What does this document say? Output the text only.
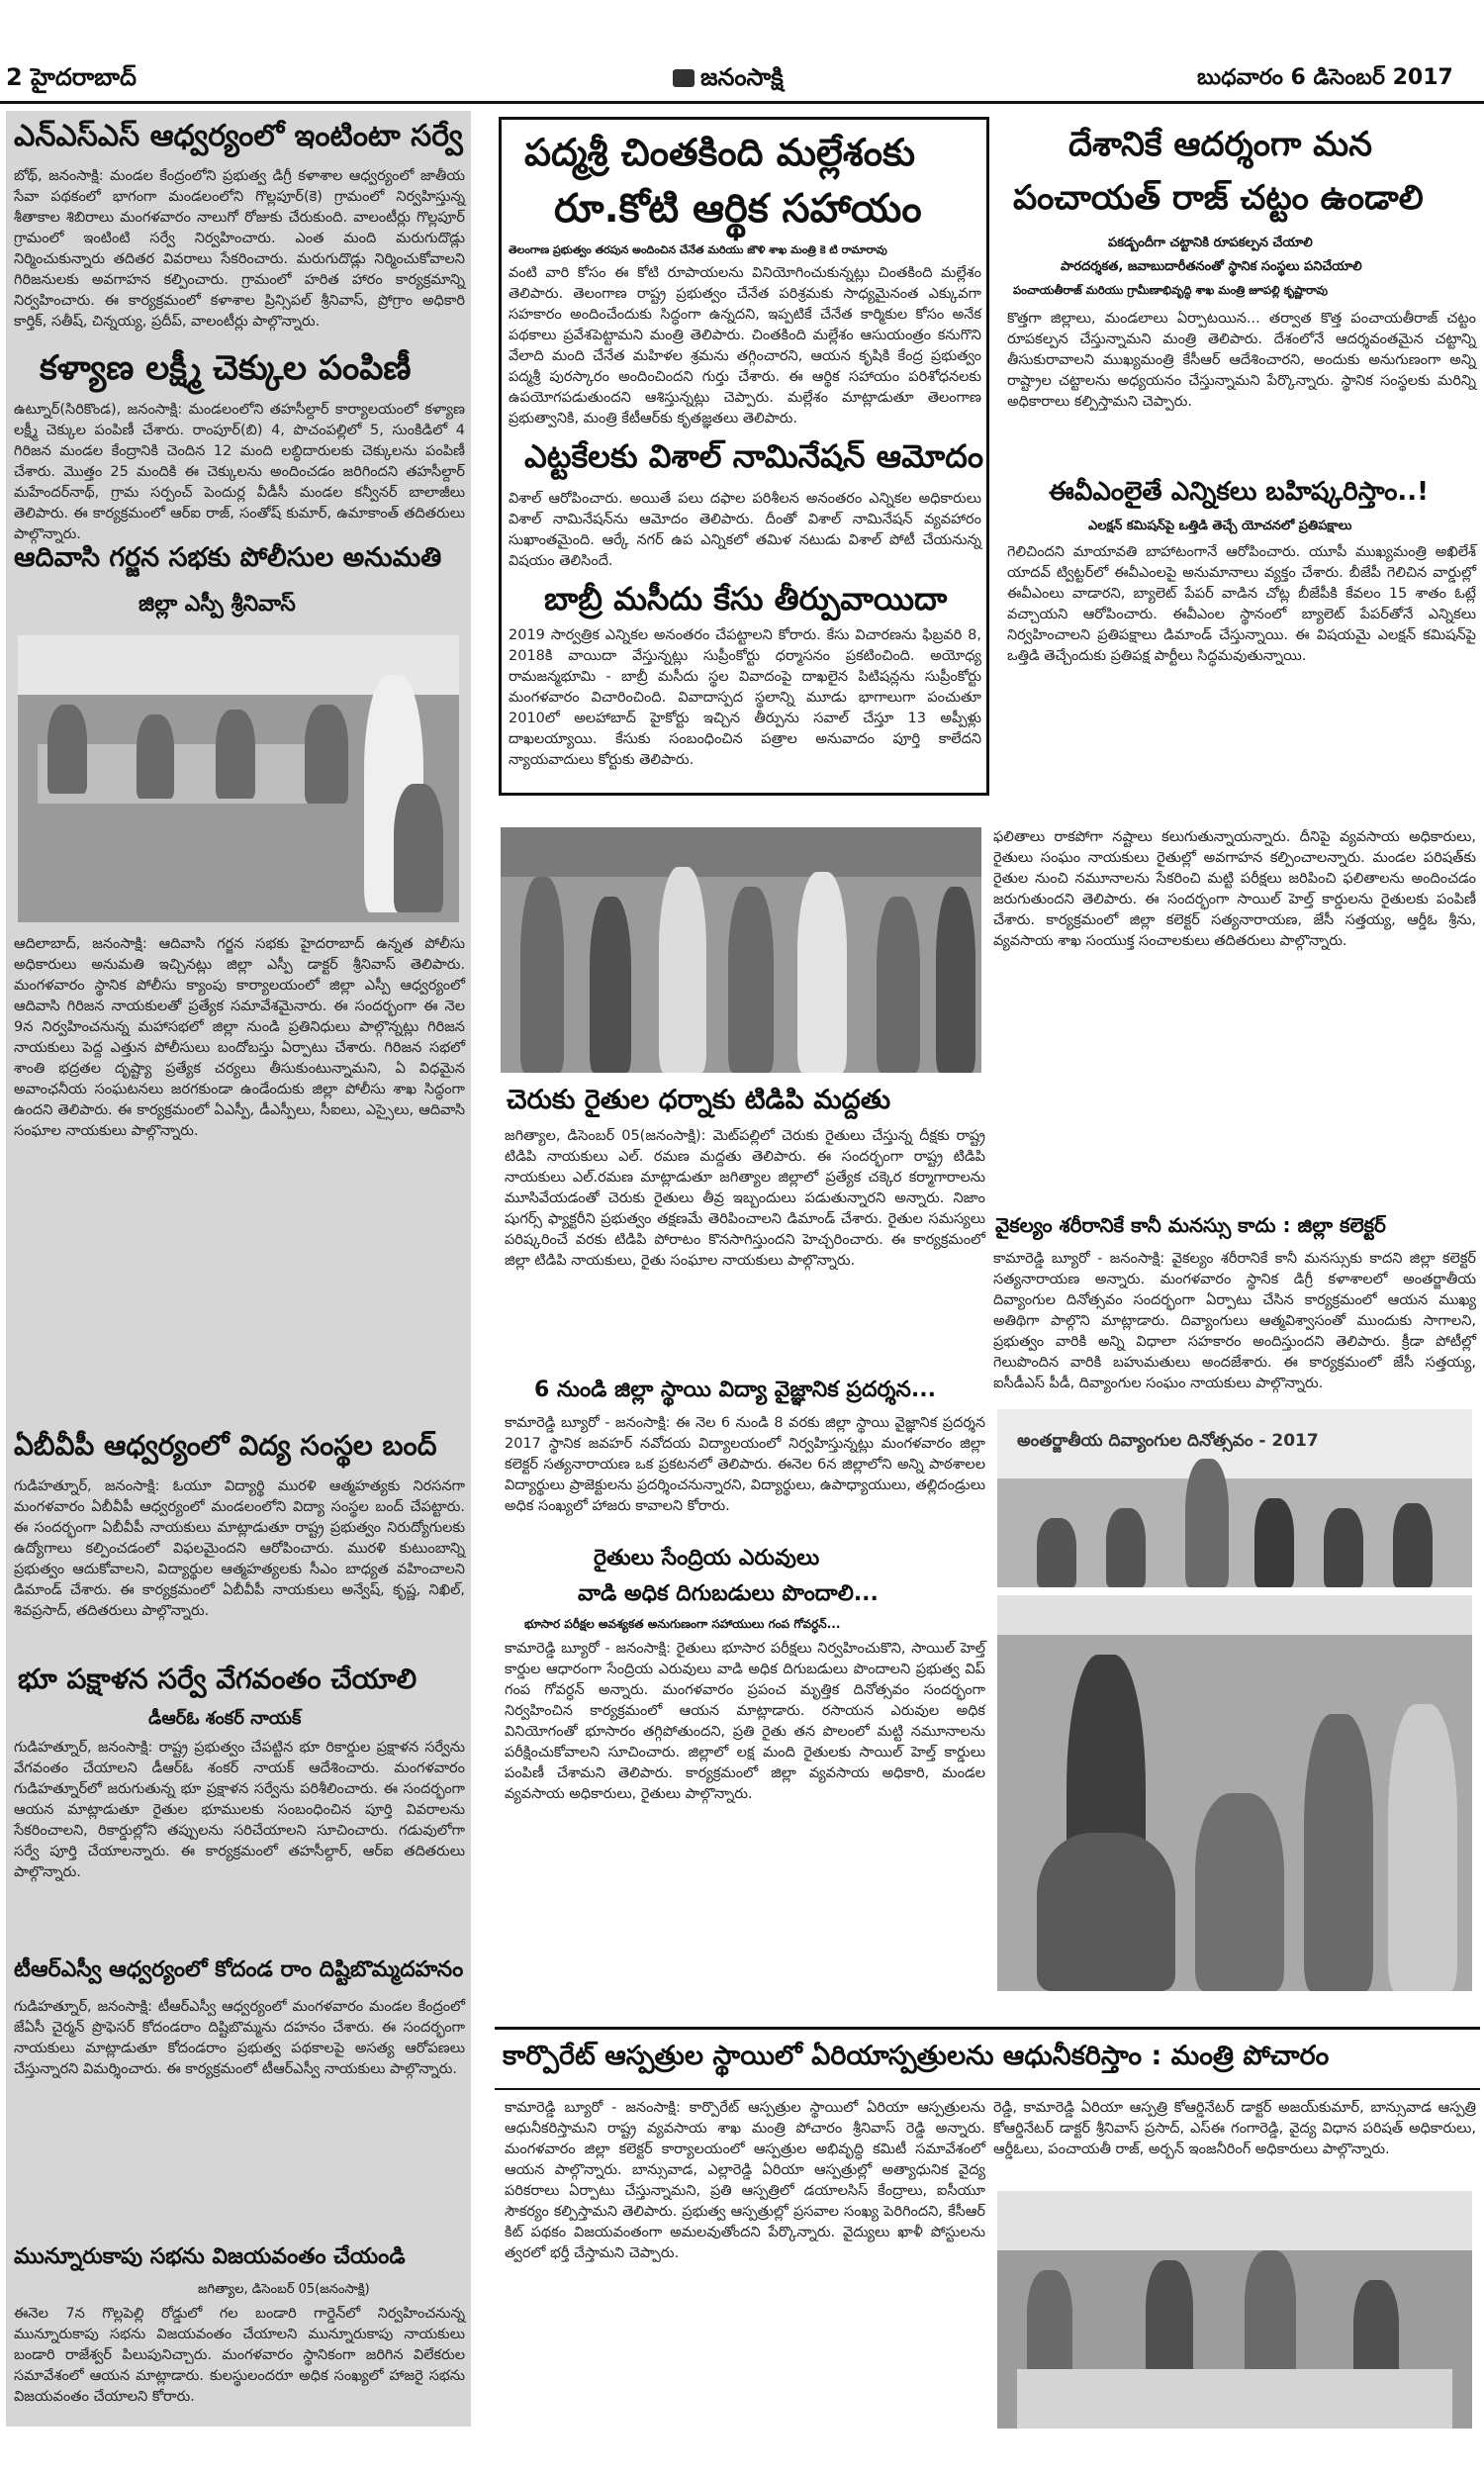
2 హైదరాబాద్	జనంసాక్షి	బుధవారం 6 డిసెంబర్ 2017
ఎన్‌ఎస్‌ఎస్ ఆధ్వర్యంలో ఇంటింటా సర్వే
బోథ్, జనంసాక్షి: మండల కేంద్రంలోని ప్రభుత్వ డిగ్రీ కళాశాల ఆధ్వర్యంలో జాతీయ సేవా పథకంలో భాగంగా మండలంలోని గొల్లపూర్(కె) గ్రామంలో నిర్వహిస్తున్న శీతాకాల శిబిరాలు మంగళవారం నాలుగో రోజుకు చేరుకుంది. వాలంటీర్లు గొల్లపూర్ గ్రామంలో ఇంటింటి సర్వే నిర్వహించారు. ఎంత మంది మరుగుదొడ్లు నిర్మించుకున్నారు తదితర వివరాలు సేకరించారు. మరుగుదొడ్లు నిర్మించుకోవాలని గిరిజనులకు అవగాహన కల్పించారు. గ్రామంలో హరిత హారం కార్యక్రమాన్ని నిర్వహించారు. ఈ కార్యక్రమంలో కళాశాల ప్రిన్సిపల్ శ్రీనివాస్, ప్రోగ్రాం అధికారి కార్తిక్, సతీష్, చిన్నయ్య, ప్రదీప్, వాలంటీర్లు పాల్గొన్నారు.
కళ్యాణ లక్ష్మీ చెక్కుల పంపిణీ
ఉట్నూర్(సిరికొండ), జనంసాక్షి: మండలంలోని తహసీల్దార్ కార్యాలయంలో కళ్యాణ లక్ష్మీ చెక్కుల పంపిణీ చేశారు. రాంపూర్(బి) 4, పొచంపల్లిలో 5, సుంకిడిలో 4 గిరిజన మండల కేంద్రానికి చెందిన 12 మంది లబ్ధిదారులకు చెక్కులను పంపిణీ చేశారు. మొత్తం 25 మందికి ఈ చెక్కులను అందించడం జరిగిందని తహసీల్దార్ మహేందర్‌నాథ్, గ్రామ సర్పంచ్ పెందుర్ల వీడీసీ మండల కన్వీనర్ బాలాజీలు తెలిపారు. ఈ కార్యక్రమంలో ఆర్ఐ రాజ్, సంతోష్ కుమార్, ఉమాకాంత్ తదితరులు పాల్గొన్నారు.
ఆదివాసి గర్జన సభకు పోలీసుల అనుమతి
జిల్లా ఎస్పీ శ్రీనివాస్
ఆదిలాబాద్, జనంసాక్షి: ఆదివాసి గర్జన సభకు హైదరాబాద్ ఉన్నత పోలీసు అధికారులు అనుమతి ఇచ్చినట్లు జిల్లా ఎస్పీ డాక్టర్ శ్రీనివాస్ తెలిపారు. మంగళవారం స్థానిక పోలీసు క్యాంపు కార్యాలయంలో జిల్లా ఎస్పీ ఆధ్వర్యంలో ఆదివాసి గిరిజన నాయకులతో ప్రత్యేక సమావేశమైనారు. ఈ సందర్భంగా ఈ నెల 9న నిర్వహించనున్న మహాసభలో జిల్లా నుండి ప్రతినిధులు పాల్గొన్నట్లు గిరిజన నాయకులు పెద్ద ఎత్తున పోలీసులు బందోబస్తు ఏర్పాటు చేశారు. గిరిజన సభలో శాంతి భద్రతల దృష్ట్యా ప్రత్యేక చర్యలు తీసుకుంటున్నామని, ఏ విధమైన అవాంఛనీయ సంఘటనలు జరగకుండా ఉండేందుకు జిల్లా పోలీసు శాఖ సిద్ధంగా ఉందని తెలిపారు. ఈ కార్యక్రమంలో ఏఎస్పీ, డీఎస్పీలు, సీఐలు, ఎస్సైలు, ఆదివాసి సంఘాల నాయకులు పాల్గొన్నారు.
ఏబీవీపీ ఆధ్వర్యంలో విద్య సంస్థల బంద్
గుడిహత్నూర్, జనంసాక్షి: ఓయూ విద్యార్థి మురళి ఆత్మహత్యకు నిరసనగా మంగళవారం ఏబీవీపీ ఆధ్వర్యంలో మండలంలోని విద్యా సంస్థల బంద్ చేపట్టారు. ఈ సందర్భంగా ఏబీవీపీ నాయకులు మాట్లాడుతూ రాష్ట్ర ప్రభుత్వం నిరుద్యోగులకు ఉద్యోగాలు కల్పించడంలో విఫలమైందని ఆరోపించారు. మురళి కుటుంబాన్ని ప్రభుత్వం ఆదుకోవాలని, విద్యార్థుల ఆత్మహత్యలకు సీఎం బాధ్యత వహించాలని డిమాండ్ చేశారు. ఈ కార్యక్రమంలో ఏబీవీపీ నాయకులు అన్వేష్, కృష్ణ, నిఖిల్, శివప్రసాద్, తదితరులు పాల్గొన్నారు.
భూ పక్షాళన సర్వే వేగవంతం చేయాలి
డీఆర్ఓ శంకర్ నాయక్
గుడిహత్నూర్, జనంసాక్షి: రాష్ట్ర ప్రభుత్వం చేపట్టిన భూ రికార్డుల ప్రక్షాళన సర్వేను వేగవంతం చేయాలని డీఆర్ఓ శంకర్ నాయక్ ఆదేశించారు. మంగళవారం గుడిహత్నూర్‌లో జరుగుతున్న భూ ప్రక్షాళన సర్వేను పరిశీలించారు. ఈ సందర్భంగా ఆయన మాట్లాడుతూ రైతుల భూములకు సంబంధించిన పూర్తి వివరాలను సేకరించాలని, రికార్డుల్లోని తప్పులను సరిచేయాలని సూచించారు. గడువులోగా సర్వే పూర్తి చేయాలన్నారు. ఈ కార్యక్రమంలో తహసీల్దార్, ఆర్ఐ తదితరులు పాల్గొన్నారు.
టీఆర్ఎస్వీ ఆధ్వర్యంలో కోదండ రాం దిష్టిబొమ్మదహనం
గుడిహత్నూర్, జనంసాక్షి: టీఆర్ఎస్వీ ఆధ్వర్యంలో మంగళవారం మండల కేంద్రంలో జేఏసీ చైర్మన్ ప్రొఫెసర్ కోదండరాం దిష్టిబొమ్మను దహనం చేశారు. ఈ సందర్భంగా నాయకులు మాట్లాడుతూ కోదండరాం ప్రభుత్వ పథకాలపై అసత్య ఆరోపణలు చేస్తున్నారని విమర్శించారు. ఈ కార్యక్రమంలో టీఆర్ఎస్వీ నాయకులు పాల్గొన్నారు.
మున్నూరుకాపు సభను విజయవంతం చేయండి
జగిత్యాల, డిసెంబర్ 05(జనంసాక్షి)
ఈనెల 7న గొల్లపెల్లి రోడ్డులో గల బండారి గార్డెన్‌లో నిర్వహించనున్న మున్నూరుకాపు సభను విజయవంతం చేయాలని మున్నూరుకాపు నాయకులు బండారి రాజేశ్వర్ పిలుపునిచ్చారు. మంగళవారం స్థానికంగా జరిగిన విలేకరుల సమావేశంలో ఆయన మాట్లాడారు. కులస్థులందరూ అధిక సంఖ్యలో హాజరై సభను విజయవంతం చేయాలని కోరారు.
పద్మశ్రీ చింతకింది మల్లేశంకు
రూ.కోటి ఆర్థిక సహాయం
తెలంగాణ ప్రభుత్వం తరపున అందించిన చేనేత మరియు జౌళి శాఖ మంత్రి కె టి రామారావు
వంటి వారి కోసం ఈ కోటి రూపాయలను వినియోగించుకున్నట్లు చింతకింది మల్లేశం తెలిపారు. తెలంగాణ రాష్ట్ర ప్రభుత్వం చేనేత పరిశ్రమకు సాధ్యమైనంత ఎక్కువగా సహకారం అందించేందుకు సిద్ధంగా ఉన్నదని, ఇప్పటికే చేనేత కార్మికుల కోసం అనేక పథకాలు ప్రవేశపెట్టామని మంత్రి తెలిపారు. చింతకింది మల్లేశం ఆసుయంత్రం కనుగొని వేలాది మంది చేనేత మహిళల శ్రమను తగ్గించారని, ఆయన కృషికి కేంద్ర ప్రభుత్వం పద్మశ్రీ పురస్కారం అందించిందని గుర్తు చేశారు. ఈ ఆర్థిక సహాయం పరిశోధనలకు ఉపయోగపడుతుందని ఆశిస్తున్నట్లు చెప్పారు. మల్లేశం మాట్లాడుతూ తెలంగాణ ప్రభుత్వానికి, మంత్రి కేటీఆర్‌కు కృతజ్ఞతలు తెలిపారు.
ఎట్టకేలకు విశాల్ నామినేషన్ ఆమోదం
విశాల్ ఆరోపించారు. అయితే పలు దఫాల పరిశీలన అనంతరం ఎన్నికల అధికారులు విశాల్ నామినేషన్‌ను ఆమోదం తెలిపారు. దీంతో విశాల్ నామినేషన్ వ్యవహారం సుఖాంతమైంది. ఆర్కే నగర్ ఉప ఎన్నికలో తమిళ నటుడు విశాల్ పోటీ చేయనున్న విషయం తెలిసిందే.
బాబ్రీ మసీదు కేసు తీర్పువాయిదా
2019 సార్వత్రిక ఎన్నికల అనంతరం చేపట్టాలని కోరారు. కేసు విచారణను ఫిబ్రవరి 8, 2018కి వాయిదా వేస్తున్నట్లు సుప్రీంకోర్టు ధర్మాసనం ప్రకటించింది. అయోధ్య రామజన్మభూమి - బాబ్రీ మసీదు స్థల వివాదంపై దాఖలైన పిటిషన్లను సుప్రీంకోర్టు మంగళవారం విచారించింది. వివాదాస్పద స్థలాన్ని మూడు భాగాలుగా పంచుతూ 2010లో అలహాబాద్ హైకోర్టు ఇచ్చిన తీర్పును సవాల్ చేస్తూ 13 అప్పీళ్లు దాఖలయ్యాయి. కేసుకు సంబంధించిన పత్రాల అనువాదం పూర్తి కాలేదని న్యాయవాదులు కోర్టుకు తెలిపారు.
దేశానికే ఆదర్శంగా మన
పంచాయత్ రాజ్ చట్టం ఉండాలి
పకడ్బందీగా చట్టానికి రూపకల్పన చేయాలి
పారదర్శకత, జవాబుదారీతనంతో స్థానిక సంస్థలు పనిచేయాలి
పంచాయతీరాజ్ మరియు గ్రామీణాభివృద్ధి శాఖ మంత్రి జూపల్లి కృష్ణారావు
కొత్తగా జిల్లాలు, మండలాలు ఏర్పాటయిన... తర్వాత కొత్త పంచాయతీరాజ్ చట్టం రూపకల్పన చేస్తున్నామని మంత్రి తెలిపారు. దేశంలోనే ఆదర్శవంతమైన చట్టాన్ని తీసుకురావాలని ముఖ్యమంత్రి కేసీఆర్ ఆదేశించారని, అందుకు అనుగుణంగా అన్ని రాష్ట్రాల చట్టాలను అధ్యయనం చేస్తున్నామని పేర్కొన్నారు. స్థానిక సంస్థలకు మరిన్ని అధికారాలు కల్పిస్తామని చెప్పారు.
ఈవీఎంలైతే ఎన్నికలు బహిష్కరిస్తాం..!
ఎలక్షన్ కమిషన్‌పై ఒత్తిడి తెచ్చే యోచనలో ప్రతిపక్షాలు
గెలిచిందని మాయావతి బాహాటంగానే ఆరోపించారు. యూపీ ముఖ్యమంత్రి అఖిలేశ్ యాదవ్ ట్విట్టర్‌లో ఈవీఎంలపై అనుమానాలు వ్యక్తం చేశారు. బీజేపీ గెలిచిన వార్డుల్లో ఈవీఎంలు వాడారని, బ్యాలెట్ పేపర్ వాడిన చోట్ల బీజేపీకి కేవలం 15 శాతం ఓట్లే వచ్చాయని ఆరోపించారు. ఈవీఎంల స్థానంలో బ్యాలెట్ పేపర్‌తోనే ఎన్నికలు నిర్వహించాలని ప్రతిపక్షాలు డిమాండ్ చేస్తున్నాయి. ఈ విషయమై ఎలక్షన్ కమిషన్‌పై ఒత్తిడి తెచ్చేందుకు ప్రతిపక్ష పార్టీలు సిద్ధమవుతున్నాయి.
చెరుకు రైతుల ధర్నాకు టిడిపి మద్దతు
జగిత్యాల, డిసెంబర్ 05(జనంసాక్షి): మెట్‌పల్లిలో చెరుకు రైతులు చేస్తున్న దీక్షకు రాష్ట్ర టిడిపి నాయకులు ఎల్. రమణ మద్దతు తెలిపారు. ఈ సందర్భంగా రాష్ట్ర టిడిపి నాయకులు ఎల్.రమణ మాట్లాడుతూ జగిత్యాల జిల్లాలో ప్రత్యేక చక్కెర కర్మాగారాలను మూసివేయడంతో చెరుకు రైతులు తీవ్ర ఇబ్బందులు పడుతున్నారని అన్నారు. నిజాం షుగర్స్ ఫ్యాక్టరీని ప్రభుత్వం తక్షణమే తెరిపించాలని డిమాండ్ చేశారు. రైతుల సమస్యలు పరిష్కరించే వరకు టిడిపి పోరాటం కొనసాగిస్తుందని హెచ్చరించారు. ఈ కార్యక్రమంలో జిల్లా టిడిపి నాయకులు, రైతు సంఘాల నాయకులు పాల్గొన్నారు.
6 నుండి జిల్లా స్థాయి విద్యా వైజ్ఞానిక ప్రదర్శన...
కామారెడ్డి బ్యూరో - జనంసాక్షి: ఈ నెల 6 నుండి 8 వరకు జిల్లా స్థాయి వైజ్ఞానిక ప్రదర్శన 2017 స్థానిక జవహర్ నవోదయ విద్యాలయంలో నిర్వహిస్తున్నట్లు మంగళవారం జిల్లా కలెక్టర్ సత్యనారాయణ ఒక ప్రకటనలో తెలిపారు. ఈనెల 6న జిల్లాలోని అన్ని పాఠశాలల విద్యార్థులు ప్రాజెక్టులను ప్రదర్శించనున్నారని, విద్యార్థులు, ఉపాధ్యాయులు, తల్లిదండ్రులు అధిక సంఖ్యలో హాజరు కావాలని కోరారు.
రైతులు సేంద్రియ ఎరువులు
వాడి అధిక దిగుబడులు పొందాలి...
భూసార పరీక్షల అవశ్యకత అనుగుణంగా సహాయులు గంప గోవర్ధన్...
కామారెడ్డి బ్యూరో - జనంసాక్షి: రైతులు భూసార పరీక్షలు నిర్వహించుకొని, సాయిల్ హెల్త్ కార్డుల ఆధారంగా సేంద్రియ ఎరువులు వాడి అధిక దిగుబడులు పొందాలని ప్రభుత్వ విప్ గంప గోవర్ధన్ అన్నారు. మంగళవారం ప్రపంచ మృత్తిక దినోత్సవం సందర్భంగా నిర్వహించిన కార్యక్రమంలో ఆయన మాట్లాడారు. రసాయన ఎరువుల అధిక వినియోగంతో భూసారం తగ్గిపోతుందని, ప్రతి రైతు తన పొలంలో మట్టి నమూనాలను పరీక్షించుకోవాలని సూచించారు. జిల్లాలో లక్ష మంది రైతులకు సాయిల్ హెల్త్ కార్డులు పంపిణీ చేశామని తెలిపారు. కార్యక్రమంలో జిల్లా వ్యవసాయ అధికారి, మండల వ్యవసాయ అధికారులు, రైతులు పాల్గొన్నారు.
ఫలితాలు రాకపోగా నష్టాలు కలుగుతున్నాయన్నారు. దీనిపై వ్యవసాయ అధికారులు, రైతులు సంఘం నాయకులు రైతుల్లో అవగాహన కల్పించాలన్నారు. మండల పరిషత్‌కు రైతుల నుంచి నమూనాలను సేకరించి మట్టి పరీక్షలు జరిపించి ఫలితాలను అందించడం జరుగుతుందని తెలిపారు. ఈ సందర్భంగా సాయిల్ హెల్త్ కార్డులను రైతులకు పంపిణీ చేశారు. కార్యక్రమంలో జిల్లా కలెక్టర్ సత్యనారాయణ, జేసీ సత్తయ్య, ఆర్డీఓ శ్రీను, వ్యవసాయ శాఖ సంయుక్త సంచాలకులు తదితరులు పాల్గొన్నారు.
వైకల్యం శరీరానికే కానీ మనస్సు కాదు : జిల్లా కలెక్టర్
కామారెడ్డి బ్యూరో - జనంసాక్షి: వైకల్యం శరీరానికే కానీ మనస్సుకు కాదని జిల్లా కలెక్టర్ సత్యనారాయణ అన్నారు. మంగళవారం స్థానిక డిగ్రీ కళాశాలలో అంతర్జాతీయ దివ్యాంగుల దినోత్సవం సందర్భంగా ఏర్పాటు చేసిన కార్యక్రమంలో ఆయన ముఖ్య అతిథిగా పాల్గొని మాట్లాడారు. దివ్యాంగులు ఆత్మవిశ్వాసంతో ముందుకు సాగాలని, ప్రభుత్వం వారికి అన్ని విధాలా సహకారం అందిస్తుందని తెలిపారు. క్రీడా పోటీల్లో గెలుపొందిన వారికి బహుమతులు అందజేశారు. ఈ కార్యక్రమంలో జేసీ సత్తయ్య, ఐసీడీఎస్ పీడీ, దివ్యాంగుల సంఘం నాయకులు పాల్గొన్నారు.
అంతర్జాతీయ దివ్యాంగుల దినోత్సవం - 2017
కార్పొరేట్ ఆస్పత్రుల స్థాయిలో ఏరియాస్పత్రులను ఆధునీకరిస్తాం : మంత్రి పోచారం
కామారెడ్డి బ్యూరో - జనంసాక్షి: కార్పొరేట్ ఆస్పత్రుల స్థాయిలో ఏరియా ఆస్పత్రులను ఆధునీకరిస్తామని రాష్ట్ర వ్యవసాయ శాఖ మంత్రి పోచారం శ్రీనివాస్ రెడ్డి అన్నారు. మంగళవారం జిల్లా కలెక్టర్ కార్యాలయంలో ఆస్పత్రుల అభివృద్ధి కమిటీ సమావేశంలో ఆయన పాల్గొన్నారు. బాన్సువాడ, ఎల్లారెడ్డి ఏరియా ఆస్పత్రుల్లో అత్యాధునిక వైద్య పరికరాలు ఏర్పాటు చేస్తున్నామని, ప్రతి ఆస్పత్రిలో డయాలసిస్ కేంద్రాలు, ఐసీయూ సౌకర్యం కల్పిస్తామని తెలిపారు. ప్రభుత్వ ఆస్పత్రుల్లో ప్రసవాల సంఖ్య పెరిగిందని, కేసీఆర్ కిట్ పథకం విజయవంతంగా అమలవుతోందని పేర్కొన్నారు. వైద్యులు ఖాళీ పోస్టులను త్వరలో భర్తీ చేస్తామని చెప్పారు.
రెడ్డి, కామారెడ్డి ఏరియా ఆస్పత్రి కోఆర్డినేటర్ డాక్టర్ అజయ్‌కుమార్, బాన్సువాడ ఆస్పత్రి కోఆర్డినేటర్ డాక్టర్ శ్రీనివాస్ ప్రసాద్, ఎస్ఈ గంగారెడ్డి, వైద్య విధాన పరిషత్ అధికారులు, ఆర్డీఓలు, పంచాయతీ రాజ్, అర్బన్ ఇంజనీరింగ్ అధికారులు పాల్గొన్నారు.
